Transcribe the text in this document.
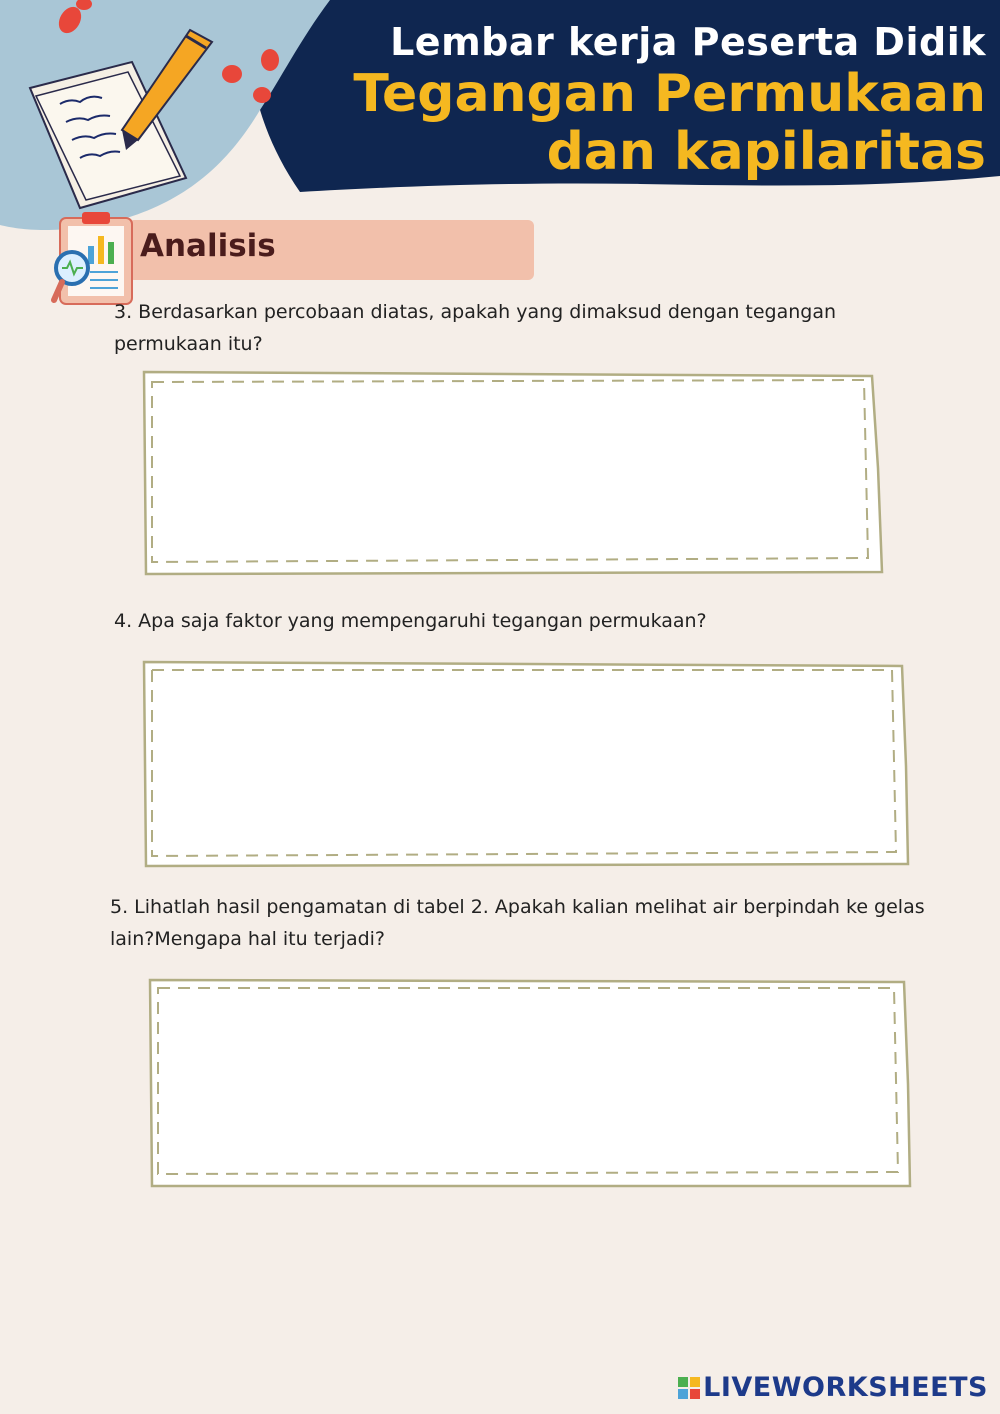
Lembar kerja Peserta Didik
Tegangan Permukaan
dan kapilaritas
Analisis

3. Berdasarkan percobaan diatas, apakah yang dimaksud dengan tegangan permukaan itu?

4. Apa saja faktor yang mempengaruhi tegangan permukaan?

5. Lihatlah hasil pengamatan di tabel 2. Apakah kalian melihat air berpindah ke gelas lain?Mengapa hal itu terjadi?

LIVEWORKSHEETS
